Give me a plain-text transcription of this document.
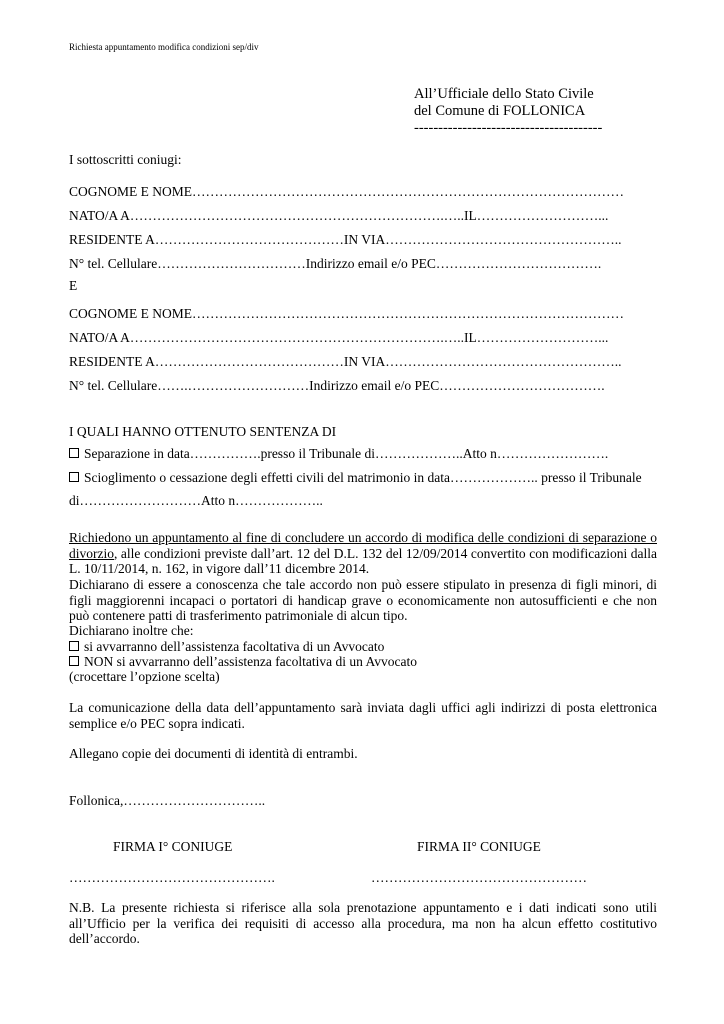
Richiesta appuntamento modifica condizioni sep/div
All’Ufficiale dello Stato Civile
del Comune di FOLLONICA
---------------------------------------
I sottoscritti coniugi:
COGNOME E NOME……………………………………………………………………………………
NATO/A A…………………………………………………………….…..IL………………………...
RESIDENTE A……………………………………IN VIA……………………………………………..
N° tel. Cellulare……………………………Indirizzo email e/o PEC……………………………….
E
COGNOME E NOME……………………………………………………………………………………
NATO/A A…………………………………………………………….…..IL………………………...
RESIDENTE A……………………………………IN VIA……………………………………………..
N° tel. Cellulare…….………………………Indirizzo email e/o PEC……………………………….
I QUALI HANNO OTTENUTO SENTENZA DI
Separazione in data…………….presso il Tribunale di………………..Atto n…………………….
Scioglimento o cessazione degli effetti civili del matrimonio in data……………….. presso il Tribunale
di………………………Atto n………………..
Richiedono un appuntamento al fine di concludere un accordo di modifica delle condizioni di separazione o divorzio, alle condizioni previste dall’art. 12 del D.L. 132 del 12/09/2014 convertito con modificazioni dalla L. 10/11/2014, n. 162, in vigore dall’11 dicembre 2014.
Dichiarano di essere a conoscenza che tale accordo non può essere stipulato in presenza di figli minori, di figli maggiorenni incapaci o portatori di handicap grave o economicamente non autosufficienti e che non può contenere patti di trasferimento patrimoniale di alcun tipo.
Dichiarano inoltre che:
si avvarranno dell’assistenza facoltativa di un Avvocato
NON si avvarranno dell’assistenza facoltativa di un Avvocato
(crocettare l’opzione scelta)
La comunicazione della data dell’appuntamento sarà inviata dagli uffici agli indirizzi di posta elettronica semplice e/o PEC sopra indicati.
Allegano copie dei documenti di identità di entrambi.
Follonica,…………………………..
FIRMA I° CONIUGE	FIRMA II° CONIUGE
……………………………………….	…………………………………………
N.B. La presente richiesta si riferisce alla sola prenotazione appuntamento e i dati indicati sono utili all’Ufficio per la verifica dei requisiti di accesso alla procedura, ma non ha alcun effetto costitutivo dell’accordo.
